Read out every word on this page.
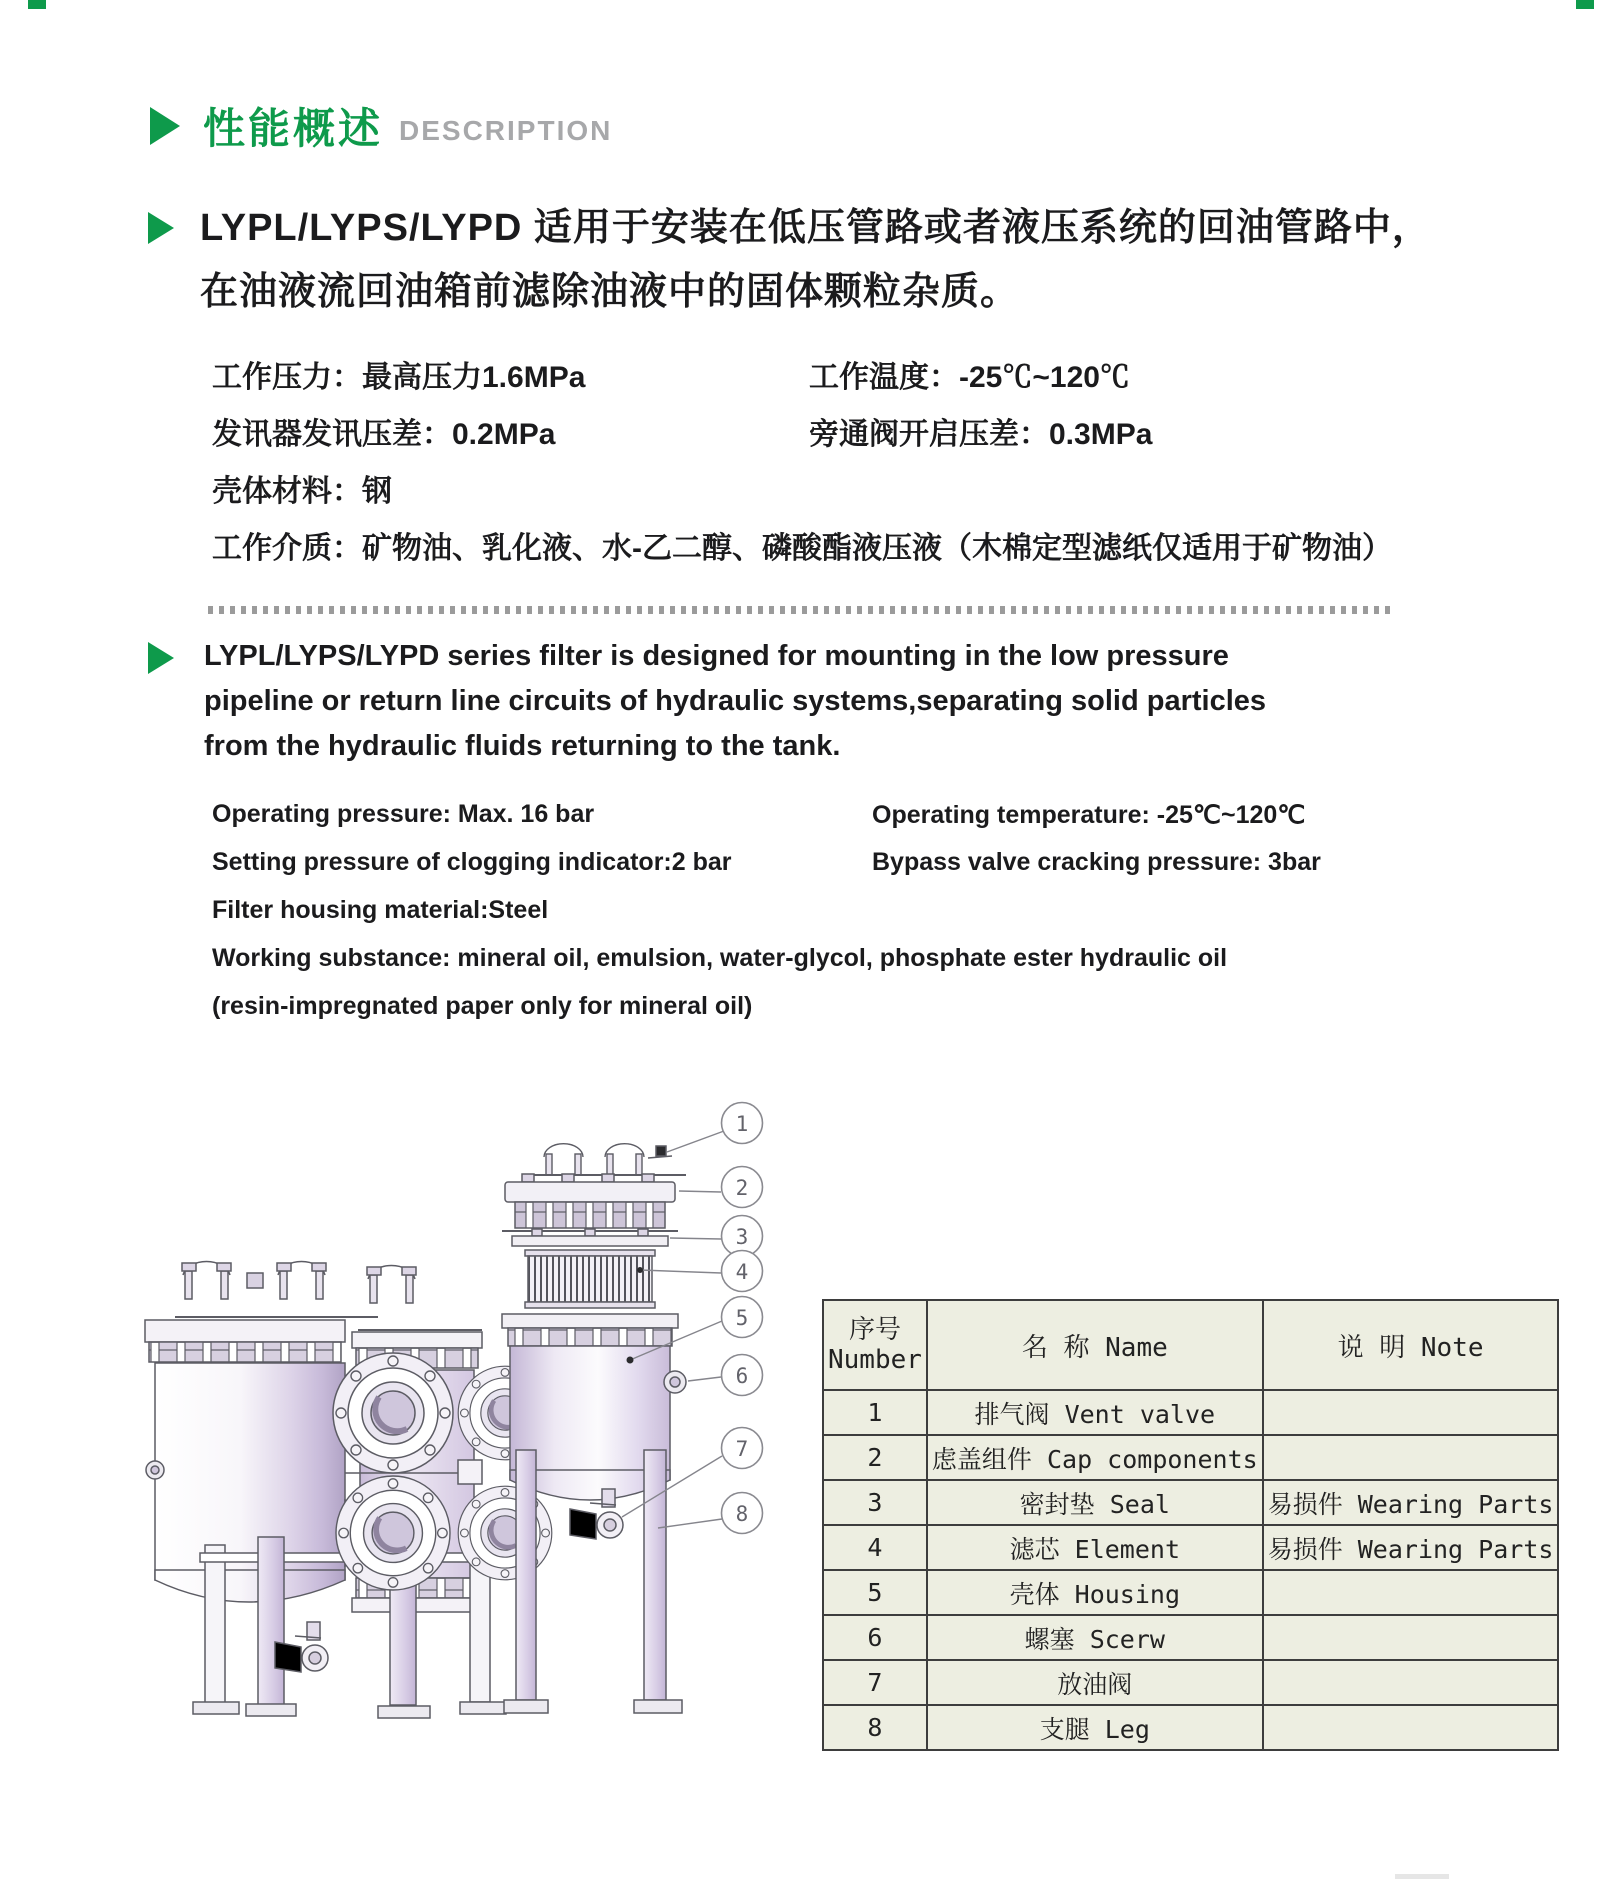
性能概述 DESCRIPTION
LYPL/LYPS/LYPD 适用于安装在低压管路或者液压系统的回油管路中，
在油液流回油箱前滤除油液中的固体颗粒杂质。
工作压力：最高压力1.6MPa	工作温度：-25℃~120℃
发讯器发讯压差：0.2MPa	旁通阀开启压差：0.3MPa
壳体材料：钢
工作介质：矿物油、乳化液、水-乙二醇、磷酸酯液压液（木棉定型滤纸仅适用于矿物油）
LYPL/LYPS/LYPD series filter is designed for mounting in the low pressure
pipeline or return line circuits of hydraulic systems,separating solid particles
from the hydraulic fluids returning to the tank.
Operating pressure: Max. 16 bar	Operating temperature: -25℃~120℃
Setting pressure of clogging indicator:2 bar	Bypass valve cracking pressure: 3bar
Filter housing material:Steel
Working substance: mineral oil, emulsion, water-glycol, phosphate ester hydraulic oil
(resin-impregnated paper only for mineral oil)
1
2
3
4
5
6
7
8
序号
Number	名 称 Name	说 明 Note
1	排气阀 Vent valve	
2	虑盖组件 Cap components	
3	密封垫 Seal	易损件 Wearing Parts
4	滤芯 Element	易损件 Wearing Parts
5	壳体 Housing	
6	螺塞 Scerw	
7	放油阀	
8	支腿 Leg	
